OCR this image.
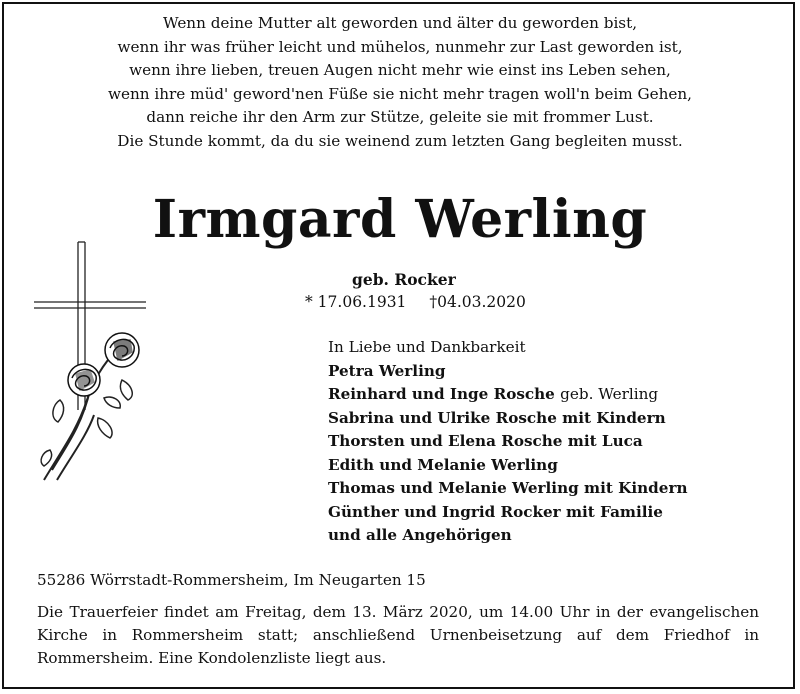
Wenn deine Mutter alt geworden und älter du geworden bist,
wenn ihr was früher leicht und mühelos, nunmehr zur Last geworden ist,
wenn ihre lieben, treuen Augen nicht mehr wie einst ins Leben sehen,
wenn ihre müd' geword'nen Füße sie nicht mehr tragen woll'n beim Gehen,
dann reiche ihr den Arm zur Stütze, geleite sie mit frommer Lust.
Die Stunde kommt, da du sie weinend zum letzten Gang begleiten musst.
Irmgard Werling
geb. Rocker
* 17.06.1931 †04.03.2020
In Liebe und Dankbarkeit
Petra Werling
Reinhard und Inge Rosche geb. Werling
Sabrina und Ulrike Rosche mit Kindern
Thorsten und Elena Rosche mit Luca
Edith und Melanie Werling
Thomas und Melanie Werling mit Kindern
Günther und Ingrid Rocker mit Familie
und alle Angehörigen
55286 Wörrstadt-Rommersheim, Im Neugarten 15
Die Trauerfeier findet am Freitag, dem 13. März 2020, um 14.00 Uhr in der evangelischen
Kirche in Rommersheim statt; anschließend Urnenbeisetzung auf dem Friedhof in
Rommersheim. Eine Kondolenzliste liegt aus.
